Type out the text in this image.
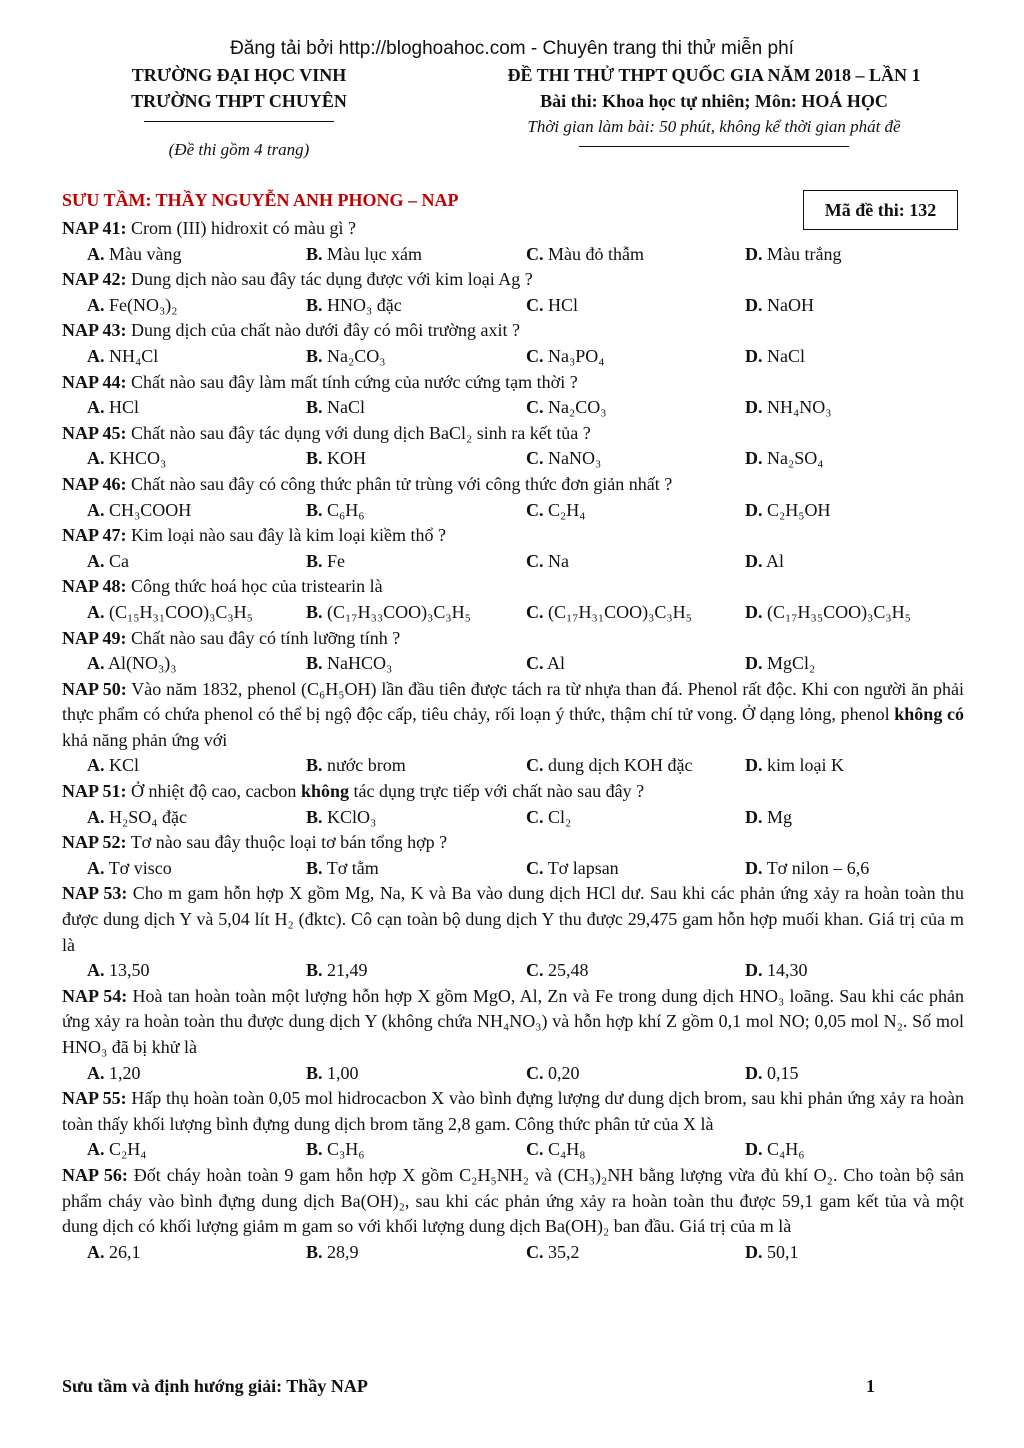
Đăng tải bởi http://bloghoahoc.com - Chuyên trang thi thử miễn phí
TRƯỜNG ĐẠI HỌC VINH
TRƯỜNG THPT CHUYÊN
(Đề thi gồm 4 trang)
ĐỀ THI THỬ THPT QUỐC GIA NĂM 2018 – LẦN 1
Bài thi: Khoa học tự nhiên; Môn: HOÁ HỌC
Thời gian làm bài: 50 phút, không kể thời gian phát đề
SƯU TẦM: THẦY NGUYỄN ANH PHONG – NAP	Mã đề thi: 132
NAP 41: Crom (III) hidroxit có màu gì ?
A. Màu vàng	B. Màu lục xám	C. Màu đỏ thẫm	D. Màu trắng
NAP 42: Dung dịch nào sau đây tác dụng được với kim loại Ag ?
A. Fe(NO₃)₂	B. HNO₃ đặc	C. HCl	D. NaOH
NAP 43: Dung dịch của chất nào dưới đây có môi trường axit ?
A. NH₄Cl	B. Na₂CO₃	C. Na₃PO₄	D. NaCl
NAP 44: Chất nào sau đây làm mất tính cứng của nước cứng tạm thời ?
A. HCl	B. NaCl	C. Na₂CO₃	D. NH₄NO₃
NAP 45: Chất nào sau đây tác dụng với dung dịch BaCl₂ sinh ra kết tủa ?
A. KHCO₃	B. KOH	C. NaNO₃	D. Na₂SO₄
NAP 46: Chất nào sau đây có công thức phân tử trùng với công thức đơn giản nhất ?
A. CH₃COOH	B. C₆H₆	C. C₂H₄	D. C₂H₅OH
NAP 47: Kim loại nào sau đây là kim loại kiềm thổ ?
A. Ca	B. Fe	C. Na	D. Al
NAP 48: Công thức hoá học của tristearin là
A. (C₁₅H₃₁COO)₃C₃H₅	B. (C₁₇H₃₃COO)₃C₃H₅	C. (C₁₇H₃₁COO)₃C₃H₅	D. (C₁₇H₃₅COO)₃C₃H₅
NAP 49: Chất nào sau đây có tính lưỡng tính ?
A. Al(NO₃)₃	B. NaHCO₃	C. Al	D. MgCl₂
NAP 50: Vào năm 1832, phenol (C₆H₅OH) lần đầu tiên được tách ra từ nhựa than đá. Phenol rất độc. Khi con người ăn phải thực phẩm có chứa phenol có thể bị ngộ độc cấp, tiêu chảy, rối loạn ý thức, thậm chí tử vong. Ở dạng lỏng, phenol không có khả năng phản ứng với
A. KCl	B. nước brom	C. dung dịch KOH đặc	D. kim loại K
NAP 51: Ở nhiệt độ cao, cacbon không tác dụng trực tiếp với chất nào sau đây ?
A. H₂SO₄ đặc	B. KClO₃	C. Cl₂	D. Mg
NAP 52: Tơ nào sau đây thuộc loại tơ bán tổng hợp ?
A. Tơ visco	B. Tơ tằm	C. Tơ lapsan	D. Tơ nilon – 6,6
NAP 53: Cho m gam hỗn hợp X gồm Mg, Na, K và Ba vào dung dịch HCl dư. Sau khi các phản ứng xảy ra hoàn toàn thu được dung dịch Y và 5,04 lít H₂ (đktc). Cô cạn toàn bộ dung dịch Y thu được 29,475 gam hỗn hợp muối khan. Giá trị của m là
A. 13,50	B. 21,49	C. 25,48	D. 14,30
NAP 54: Hoà tan hoàn toàn một lượng hỗn hợp X gồm MgO, Al, Zn và Fe trong dung dịch HNO₃ loãng. Sau khi các phản ứng xảy ra hoàn toàn thu được dung dịch Y (không chứa NH₄NO₃) và hỗn hợp khí Z gồm 0,1 mol NO; 0,05 mol N₂. Số mol HNO₃ đã bị khử là
A. 1,20	B. 1,00	C. 0,20	D. 0,15
NAP 55: Hấp thụ hoàn toàn 0,05 mol hidrocacbon X vào bình đựng lượng dư dung dịch brom, sau khi phản ứng xảy ra hoàn toàn thấy khối lượng bình đựng dung dịch brom tăng 2,8 gam. Công thức phân tử của X là
A. C₂H₄	B. C₃H₆	C. C₄H₈	D. C₄H₆
NAP 56: Đốt cháy hoàn toàn 9 gam hỗn hợp X gồm C₂H₅NH₂ và (CH₃)₂NH bằng lượng vừa đủ khí O₂. Cho toàn bộ sản phẩm cháy vào bình đựng dung dịch Ba(OH)₂, sau khi các phản ứng xảy ra hoàn toàn thu được 59,1 gam kết tủa và một dung dịch có khối lượng giảm m gam so với khối lượng dung dịch Ba(OH)₂ ban đầu. Giá trị của m là
A. 26,1	B. 28,9	C. 35,2	D. 50,1
Sưu tầm và định hướng giải: Thầy NAP	1
